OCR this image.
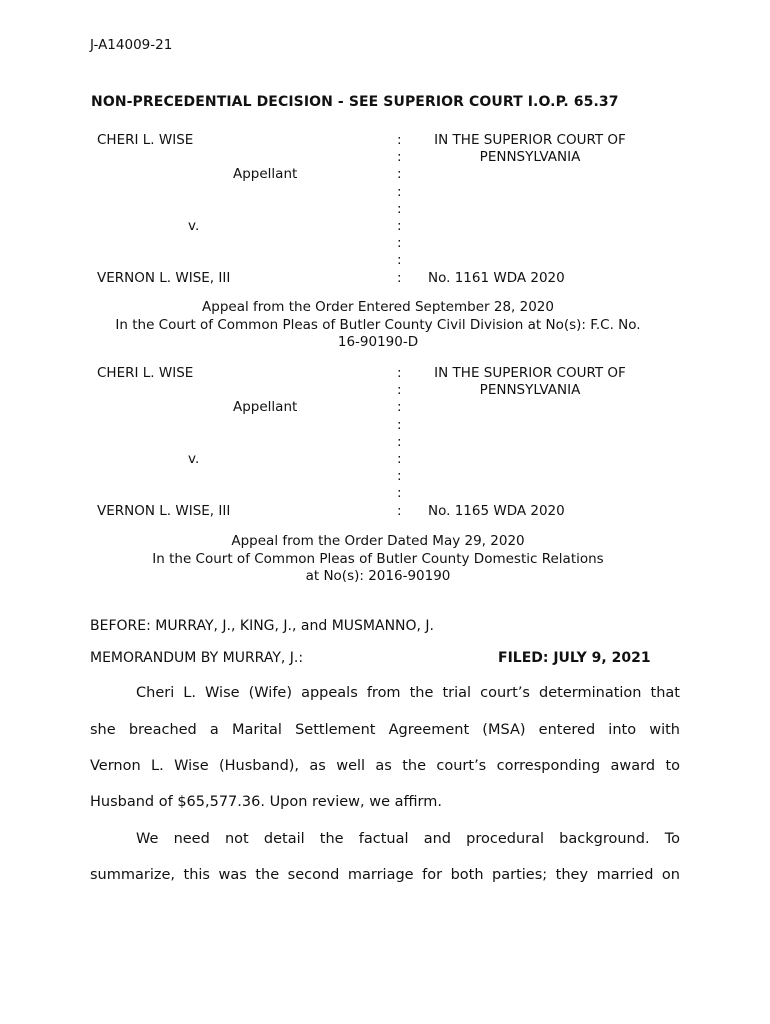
J-A14009-21
NON-PRECEDENTIAL DECISION - SEE SUPERIOR COURT I.O.P. 65.37
CHERI L. WISE
Appellant
v.
VERNON L. WISE, III
:
:
:
:
:
:
:
:
:
IN THE SUPERIOR COURT OF
PENNSYLVANIA
No. 1161 WDA 2020
Appeal from the Order Entered September 28, 2020
In the Court of Common Pleas of Butler County Civil Division at No(s): F.C. No.
16-90190-D
CHERI L. WISE
Appellant
v.
VERNON L. WISE, III
:
:
:
:
:
:
:
:
:
IN THE SUPERIOR COURT OF
PENNSYLVANIA
No. 1165 WDA 2020
Appeal from the Order Dated May 29, 2020
In the Court of Common Pleas of Butler County Domestic Relations
at No(s): 2016-90190
BEFORE: MURRAY, J., KING, J., and MUSMANNO, J.
MEMORANDUM BY MURRAY, J.:	FILED: JULY 9, 2021
Cheri L. Wise (Wife) appeals from the trial court’s determination that
she breached a Marital Settlement Agreement (MSA) entered into with
Vernon L. Wise (Husband), as well as the court’s corresponding award to
Husband of $65,577.36. Upon review, we affirm.
We need not detail the factual and procedural background. To
summarize, this was the second marriage for both parties; they married on
